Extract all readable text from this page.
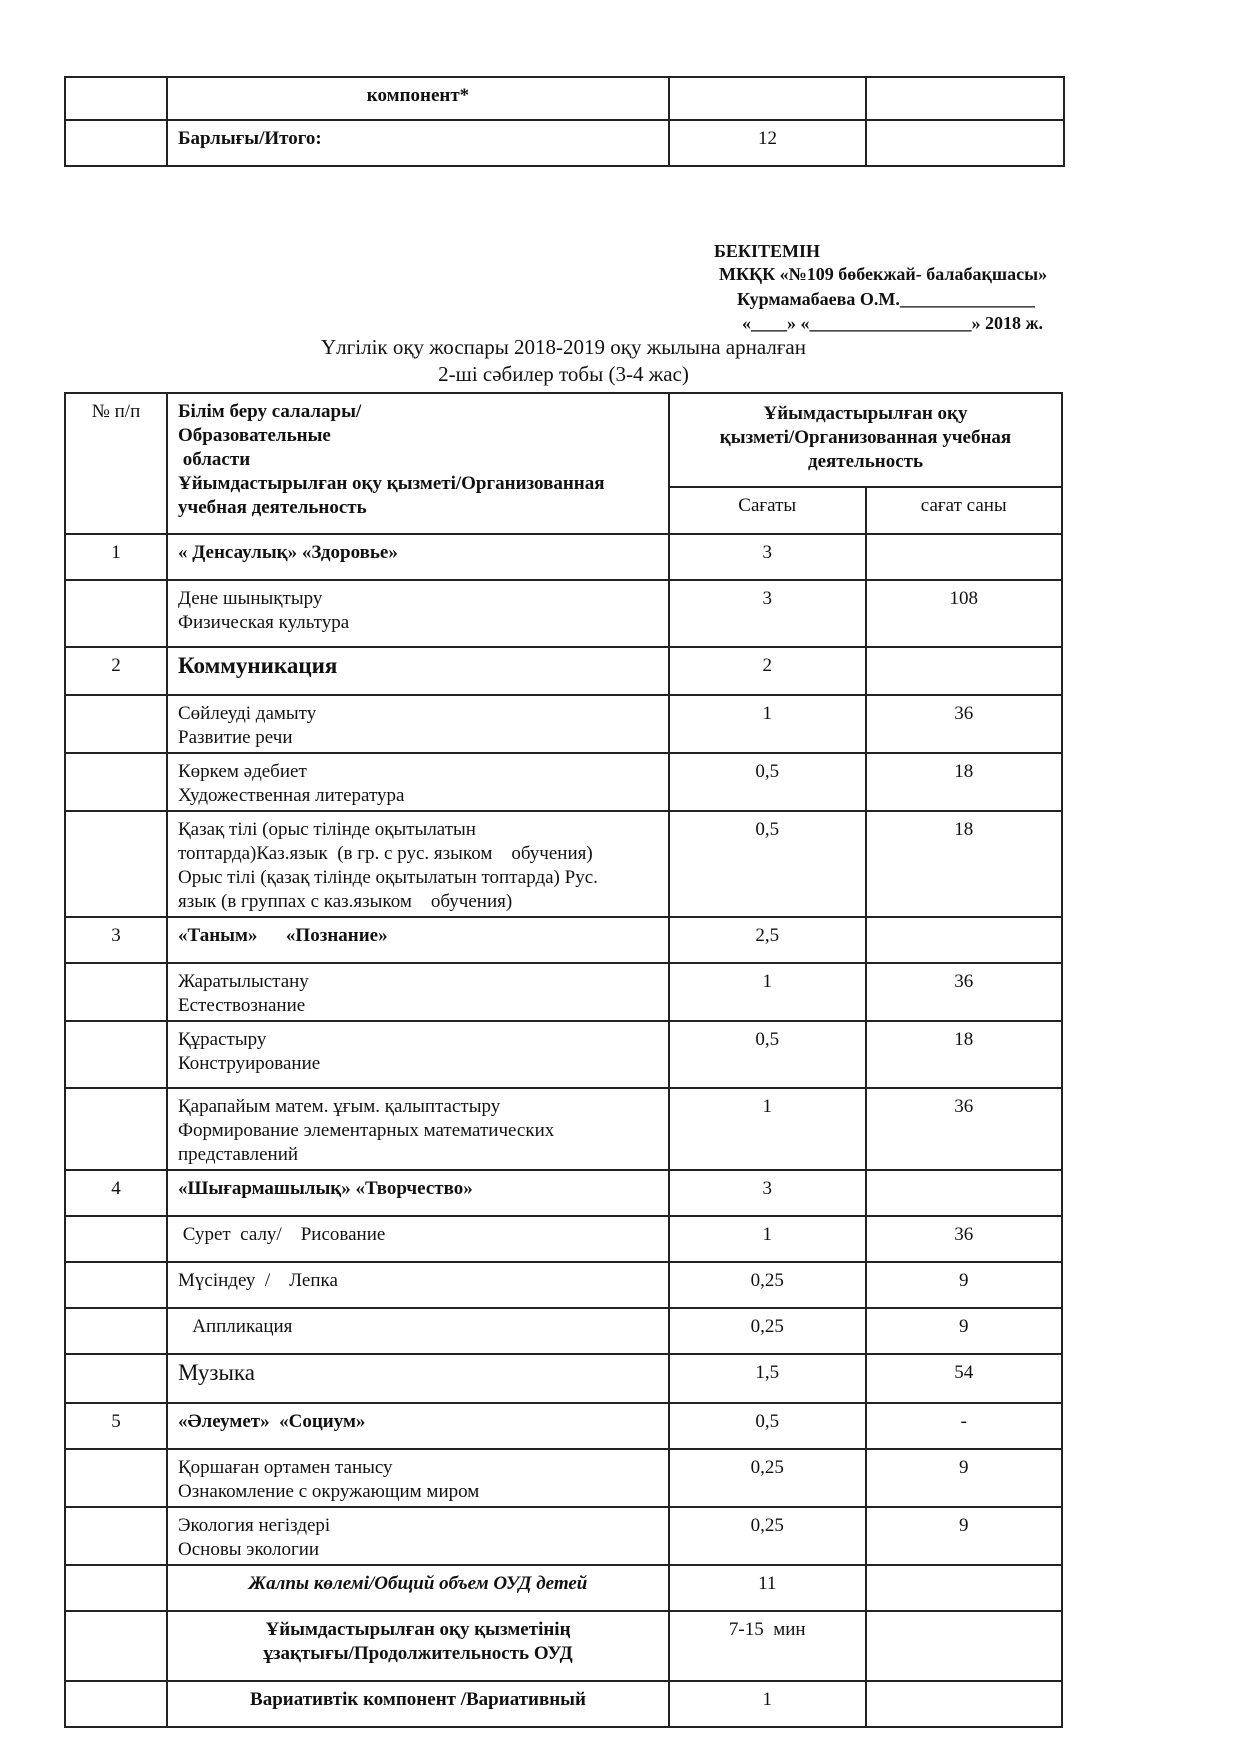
	компонент*		
	Барлығы/Итого:	12	
БЕКІТЕМІН
МКҚК «№109 бөбекжай- балабақшасы»
Курмамабаева О.М._______________
«____» «__________________» 2018 ж.
Үлгілік оқу жоспары 2018-2019 оқу жылына арналған
2-ші сәбилер тобы (3-4 жас)
№ п/п	Білім беру салалары/
Образовательные
области
Ұйымдастырылған оқу қызметі/Организованная
учебная деятельность	Ұйымдастырылған оқу
қызметі/Организованная учебная
деятельность	

		Сағаты	сағат саны
1	« Денсаулық» «Здоровье»	3	

	Дене шынықтыру
Физическая культура	3	108
2	Коммуникация	2	

	Сөйлеуді дамыту
Развитие речи	1	36

	Көркем әдебиет
Художественная литература	0,5	18

	Қазақ тілі (орыс тілінде оқытылатын
топтарда)Каз.язык  (в гр. с рус. языком    обучения)
Орыс тілі (қазақ тілінде оқытылатын топтарда) Рус.
язык (в группах с каз.языком    обучения)	0,5	18
3	«Таным»      «Познание»	2,5	

	Жаратылыстану
Естествознание	1	36

	Құрастыру
Конструирование	0,5	18

	Қарапайым матем. ұғым. қалыптастыру
Формирование элементарных математических
представлений	1	36
4	«Шығармашылық» «Творчество»	3	

	Сурет  салу/    Рисование	1	36

	Мүсіндеу  /    Лепка	0,25	9

	Аппликация	0,25	9

	Музыка	1,5	54
5	«Әлеумет»  «Социум»	0,5	-

	Қоршаған ортамен танысу
Ознакомление с окружающим миром	0,25	9

	Экология негіздері
Основы экологии	0,25	9
	Жалпы көлемі/Общий объем ОУД детей	11	

	Ұйымдастырылған оқу қызметінің
ұзақтығы/Продолжительность ОУД	7-15  мин	
	Вариативтік компонент /Вариативный	1	
